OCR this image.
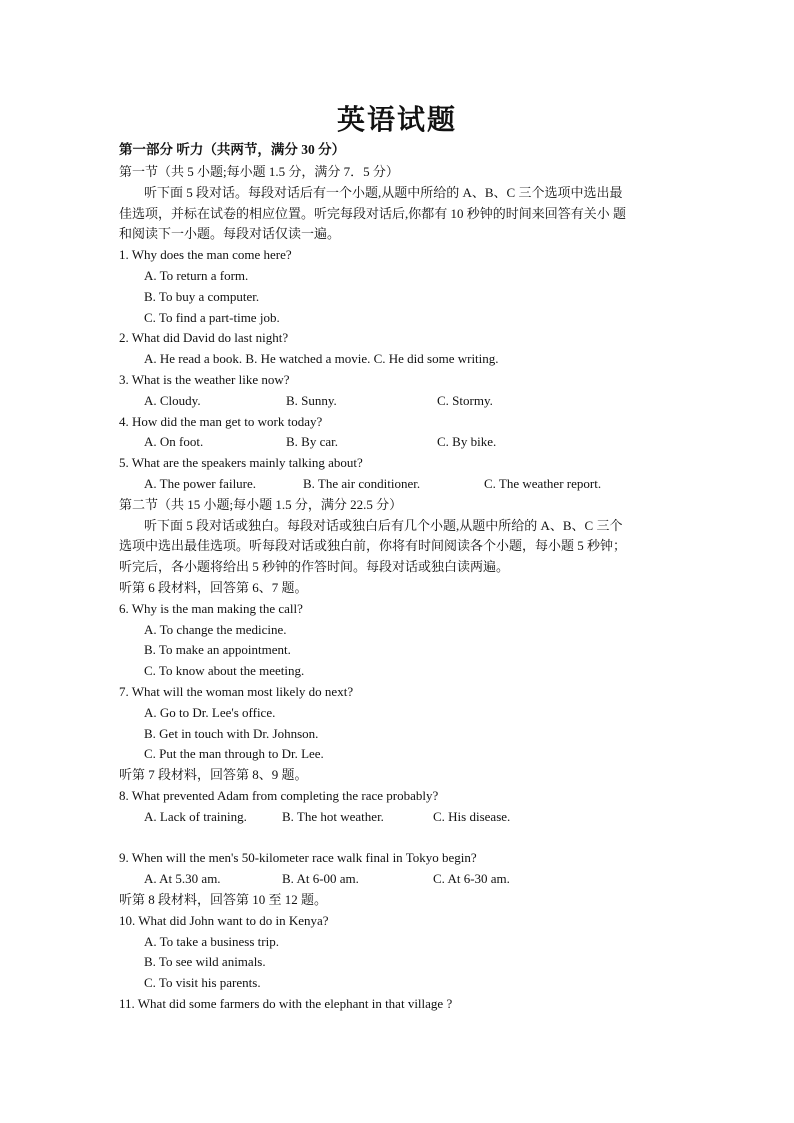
英语试题
第一部分 听力（共两节，满分 30 分）
第一节（共 5 小题;每小题 1.5 分，满分 7．5 分）
听下面 5 段对话。每段对话后有一个小题,从题中所给的 A、B、C 三个选项中选出最
佳选项，并标在试卷的相应位置。听完每段对话后,你都有 10 秒钟的时间来回答有关小 题
和阅读下一小题。每段对话仅读一遍。
1. Why does the man come here?
A. To return a form.
B. To buy a computer.
C. To find a part-time job.
2. What did David do last night?
A. He read a book. B. He watched a movie. C. He did some writing.
3. What is the weather like now?
A. Cloudy.	B. Sunny.	C. Stormy.
4. How did the man get to work today?
A. On foot.	B. By car.	C. By bike.
5. What are the speakers mainly talking about?
A. The power failure.	B. The air conditioner.	C. The weather report.
第二节（共 15 小题;每小题 1.5 分，满分 22.5 分）
听下面 5 段对话或独白。每段对话或独白后有几个小题,从题中所给的 A、B、C 三个
选项中选出最佳选项。听每段对话或独白前，你将有时间阅读各个小题，每小题 5 秒钟；
听完后，各小题将给出 5 秒钟的作答时间。每段对话或独白读两遍。
听第 6 段材料，回答第 6、7 题。
6. Why is the man making the call?
A. To change the medicine.
B. To make an appointment.
C. To know about the meeting.
7. What will the woman most likely do next?
A. Go to Dr. Lee's office.
B. Get in touch with Dr. Johnson.
C. Put the man through to Dr. Lee.
听第 7 段材料，回答第 8、9 题。
8. What prevented Adam from completing the race probably?
A. Lack of training.	B. The hot weather.	C. His disease.
9. When will the men's 50-kilometer race walk final in Tokyo begin?
A. At 5.30 am.	B. At 6-00 am.	C. At 6-30 am.
听第 8 段材料，回答第 10 至 12 题。
10. What did John want to do in Kenya?
A. To take a business trip.
B. To see wild animals.
C. To visit his parents.
11. What did some farmers do with the elephant in that village ?
